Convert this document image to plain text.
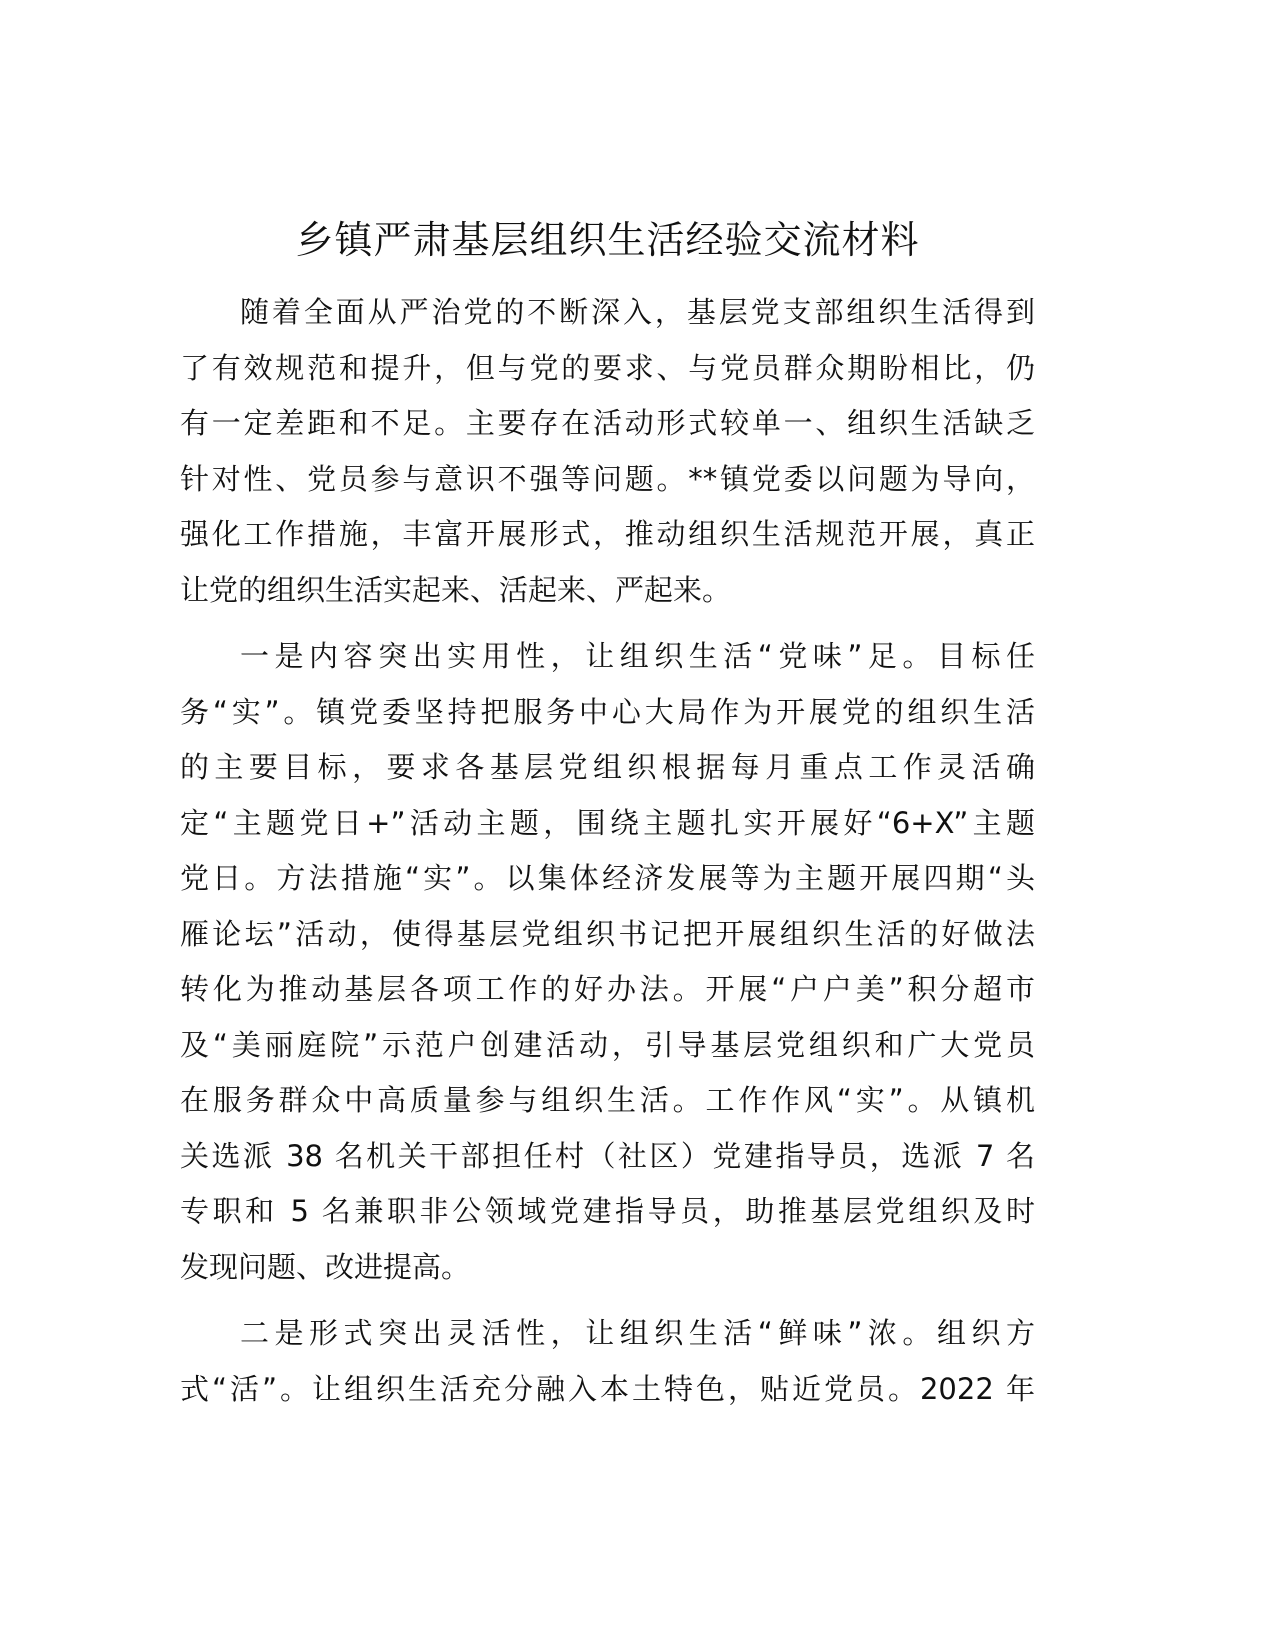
乡镇严肃基层组织生活经验交流材料
随着全面从严治党的不断深入，基层党支部组织生活得到
了有效规范和提升，但与党的要求、与党员群众期盼相比，仍
有一定差距和不足。主要存在活动形式较单一、组织生活缺乏
针对性、党员参与意识不强等问题。**镇党委以问题为导向，
强化工作措施，丰富开展形式，推动组织生活规范开展，真正
让党的组织生活实起来、活起来、严起来。
一是内容突出实用性，让组织生活“党味”足。目标任
务“实”。镇党委坚持把服务中心大局作为开展党的组织生活
的主要目标，要求各基层党组织根据每月重点工作灵活确
定“主题党日+”活动主题，围绕主题扎实开展好“6+X”主题
党日。方法措施“实”。以集体经济发展等为主题开展四期“头
雁论坛”活动，使得基层党组织书记把开展组织生活的好做法
转化为推动基层各项工作的好办法。开展“户户美”积分超市
及“美丽庭院”示范户创建活动，引导基层党组织和广大党员
在服务群众中高质量参与组织生活。工作作风“实”。从镇机
关选派 38 名机关干部担任村（社区）党建指导员，选派 7 名
专职和 5 名兼职非公领域党建指导员，助推基层党组织及时
发现问题、改进提高。
二是形式突出灵活性，让组织生活“鲜味”浓。组织方
式“活”。让组织生活充分融入本土特色，贴近党员。2022 年
